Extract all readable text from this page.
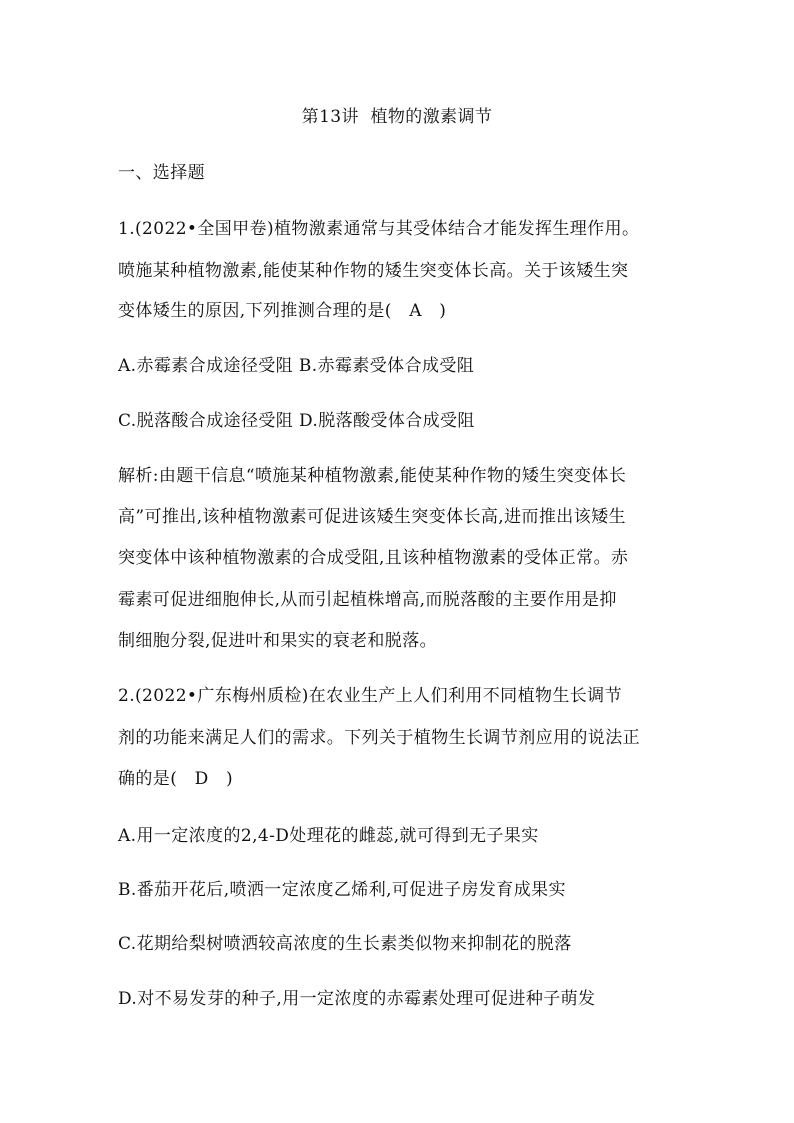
第13讲  植物的激素调节
一、选择题
1.(2022•全国甲卷)植物激素通常与其受体结合才能发挥生理作用。
喷施某种植物激素,能使某种作物的矮生突变体长高。关于该矮生突
变体矮生的原因,下列推测合理的是(　A　)
A.赤霉素合成途径受阻 B.赤霉素受体合成受阻
C.脱落酸合成途径受阻 D.脱落酸受体合成受阻
解析:由题干信息“喷施某种植物激素,能使某种作物的矮生突变体长
高”可推出,该种植物激素可促进该矮生突变体长高,进而推出该矮生
突变体中该种植物激素的合成受阻,且该种植物激素的受体正常。赤
霉素可促进细胞伸长,从而引起植株增高,而脱落酸的主要作用是抑
制细胞分裂,促进叶和果实的衰老和脱落。
2.(2022•广东梅州质检)在农业生产上人们利用不同植物生长调节
剂的功能来满足人们的需求。下列关于植物生长调节剂应用的说法正
确的是(　D　)
A.用一定浓度的2,4-D处理花的雌蕊,就可得到无子果实
B.番茄开花后,喷洒一定浓度乙烯利,可促进子房发育成果实
C.花期给梨树喷洒较高浓度的生长素类似物来抑制花的脱落
D.对不易发芽的种子,用一定浓度的赤霉素处理可促进种子萌发
